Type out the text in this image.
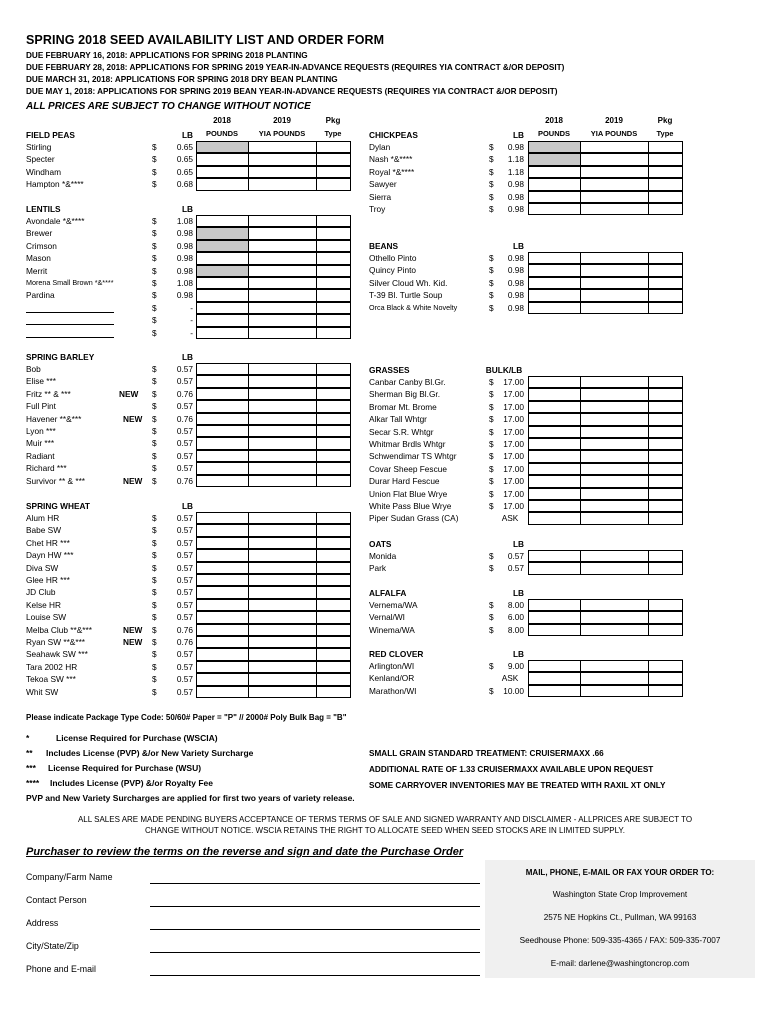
SPRING 2018 SEED AVAILABILITY LIST AND ORDER FORM
DUE FEBRUARY 16, 2018: APPLICATIONS FOR SPRING 2018 PLANTING
DUE FEBRUARY 28, 2018: APPLICATIONS FOR SPRING 2019 YEAR-IN-ADVANCE REQUESTS (REQUIRES YIA CONTRACT &/OR DEPOSIT)
DUE MARCH 31, 2018: APPLICATIONS FOR SPRING 2018 DRY BEAN PLANTING
DUE MAY 1, 2018: APPLICATIONS FOR SPRING 2019 BEAN YEAR-IN-ADVANCE REQUESTS (REQUIRES YIA CONTRACT &/OR DEPOSIT)
ALL PRICES ARE SUBJECT TO CHANGE WITHOUT NOTICE
2018	2019	Pkg
POUNDS	YIA POUNDS	Type
2018	2019	Pkg
POUNDS	YIA POUNDS	Type
FIELD PEAS	LB
Stirling	$	0.65
Specter	$	0.65
Windham	$	0.65
Hampton *&****	$	0.68
LENTILS	LB
Avondale *&****	$	1.08
Brewer	$	0.98
Crimson	$	0.98
Mason	$	0.98
Merrit	$	0.98
Morena Small Brown *&****	$	1.08
Pardina	$	0.98
$	-
$	-
$	-
SPRING BARLEY	LB
Bob	$	0.57
Elise ***	$	0.57
Fritz ** & ***	NEW $	0.76
Full Pint	$	0.57
Havener **&***	NEW $	0.76
Lyon ***	$	0.57
Muir ***	$	0.57
Radiant	$	0.57
Richard ***	$	0.57
Survivor ** & ***	NEW $	0.76
SPRING WHEAT	LB
Alum HR	$	0.57
Babe SW	$	0.57
Chet HR ***	$	0.57
Dayn HW ***	$	0.57
Diva SW	$	0.57
Glee HR ***	$	0.57
JD Club	$	0.57
Kelse HR	$	0.57
Louise SW	$	0.57
Melba Club **&***	NEW $	0.76
Ryan SW **&***	NEW $	0.76
Seahawk SW ***	$	0.57
Tara 2002 HR	$	0.57
Tekoa SW ***	$	0.57
Whit SW	$	0.57
CHICKPEAS	LB
Dylan	$	0.98
Nash *&****	$	1.18
Royal *&****	$	1.18
Sawyer	$	0.98
Sierra	$	0.98
Troy	$	0.98
BEANS	LB
Othello Pinto	$	0.98
Quincy Pinto	$	0.98
Silver Cloud Wh. Kid.	$	0.98
T-39 Bl. Turtle Soup	$	0.98
Orca Black & White Novelty	$	0.98
GRASSES	BULK/LB
Canbar Canby Bl.Gr.	$	17.00
Sherman Big Bl.Gr.	$	17.00
Bromar Mt. Brome	$	17.00
Alkar Tall Whtgr	$	17.00
Secar S.R. Whtgr	$	17.00
Whitmar Brdls Whtgr	$	17.00
Schwendimar TS Whtgr	$	17.00
Covar Sheep Fescue	$	17.00
Durar Hard Fescue	$	17.00
Union Flat Blue Wrye	$	17.00
White Pass Blue Wrye	$	17.00
Piper Sudan Grass (CA)	ASK
OATS	LB
Monida	$	0.57
Park	$	0.57
ALFALFA	LB
Vernema/WA	$	8.00
Vernal/WI	$	6.00
Winema/WA	$	8.00
RED CLOVER	LB
Arlington/WI	$	9.00
Kenland/OR	ASK
Marathon/WI	$	10.00
Please indicate Package Type Code: 50/60# Paper = "P" // 2000# Poly Bulk Bag = "B"
*	License Required for Purchase (WSCIA)
** Includes License (PVP) &/or New Variety Surcharge
*** License Required for Purchase (WSU)
**** Includes License (PVP) &/or Royalty Fee
PVP and New Variety Surcharges are applied for first two years of variety release.
SMALL GRAIN STANDARD TREATMENT: CRUISERMAXX .66
ADDITIONAL RATE OF 1.33 CRUISERMAXX AVAILABLE UPON REQUEST
SOME CARRYOVER INVENTORIES MAY BE TREATED WITH RAXIL XT ONLY
ALL SALES ARE MADE PENDING BUYERS ACCEPTANCE OF TERMS TERMS OF SALE AND SIGNED WARRANTY AND DISCLAIMER - ALLPRICES ARE SUBJECT TO
CHANGE WITHOUT NOTICE. WSCIA RETAINS THE RIGHT TO ALLOCATE SEED WHEN SEED STOCKS ARE IN LIMITED SUPPLY.
Purchaser to review the terms on the reverse and sign and date the Purchase Order
Company/Farm Name
Contact Person
Address
City/State/Zip
Phone and E-mail
MAIL, PHONE, E-MAIL OR FAX YOUR ORDER TO:
Washington State Crop Improvement
2575 NE Hopkins Ct., Pullman, WA 99163
Seedhouse Phone: 509-335-4365 / FAX: 509-335-7007
E-mail: darlene@washingtoncrop.com
